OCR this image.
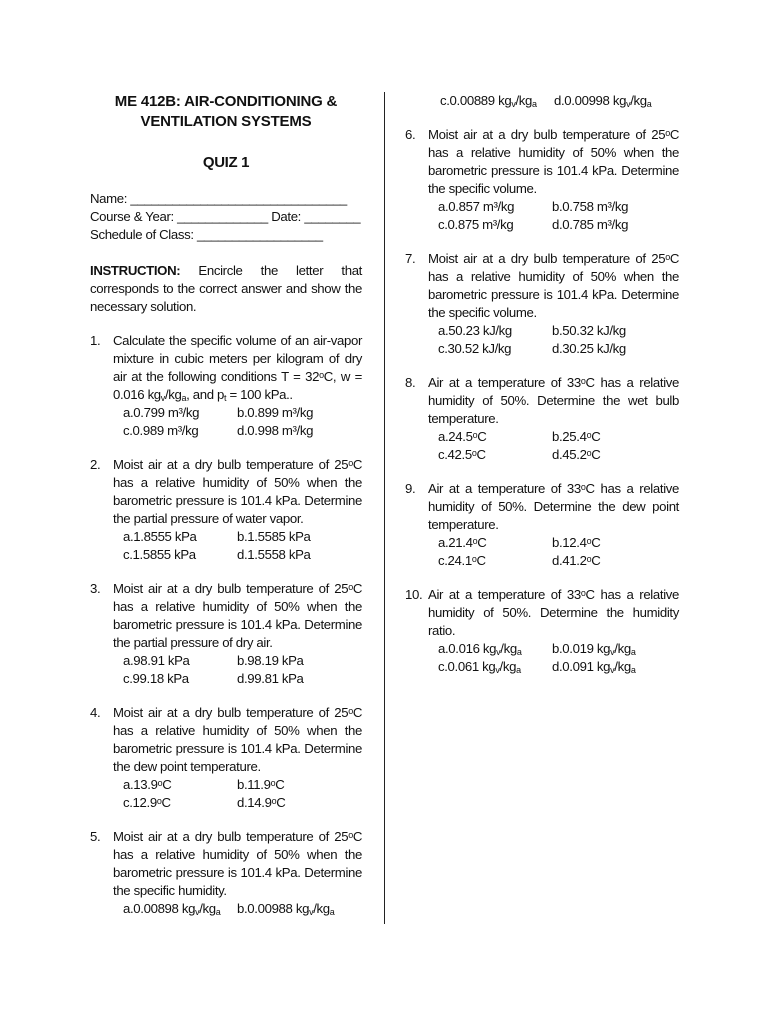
ME 412B: AIR-CONDITIONING &
VENTILATION SYSTEMS
QUIZ 1
Name: _______________________________
Course & Year: _____________ Date: ________
Schedule of Class: __________________
INSTRUCTION: Encircle the letter that corresponds to the correct answer and show the necessary solution.
1. Calculate the specific volume of an air-vapor mixture in cubic meters per kilogram of dry air at the following conditions T = 32ᵒC, w = 0.016 $kg_v/kg_a$, and $p_t = 100$ kPa..
a.0.799 m³/kg	b.0.899 m³/kg
c.0.989 m³/kg	d.0.998 m³/kg
2. Moist air at a dry bulb temperature of 25ᵒC has a relative humidity of 50% when the barometric pressure is 101.4 kPa. Determine the partial pressure of water vapor.
a.1.8555 kPa	b.1.5585 kPa
c.1.5855 kPa	d.1.5558 kPa
3. Moist air at a dry bulb temperature of 25ᵒC has a relative humidity of 50% when the barometric pressure is 101.4 kPa. Determine the partial pressure of dry air.
a.98.91 kPa	b.98.19 kPa
c.99.18 kPa	d.99.81 kPa
4. Moist air at a dry bulb temperature of 25ᵒC has a relative humidity of 50% when the barometric pressure is 101.4 kPa. Determine the dew point temperature.
a.13.9ᵒC	b.11.9ᵒC
c.12.9ᵒC	d.14.9ᵒC
5. Moist air at a dry bulb temperature of 25ᵒC has a relative humidity of 50% when the barometric pressure is 101.4 kPa. Determine the specific humidity.
a.0.00898 $kg_v/kg_a$	b.0.00988 $kg_v/kg_a$
c.0.00889 $kg_v/kg_a$	d.0.00998 $kg_v/kg_a$
6. Moist air at a dry bulb temperature of 25ᵒC has a relative humidity of 50% when the barometric pressure is 101.4 kPa. Determine the specific volume.
a.0.857 m³/kg	b.0.758 m³/kg
c.0.875 m³/kg	d.0.785 m³/kg
7. Moist air at a dry bulb temperature of 25ᵒC has a relative humidity of 50% when the barometric pressure is 101.4 kPa. Determine the specific volume.
a.50.23 kJ/kg	b.50.32 kJ/kg
c.30.52 kJ/kg	d.30.25 kJ/kg
8. Air at a temperature of 33ᵒC has a relative humidity of 50%. Determine the wet bulb temperature.
a.24.5ᵒC	b.25.4ᵒC
c.42.5ᵒC	d.45.2ᵒC
9. Air at a temperature of 33ᵒC has a relative humidity of 50%. Determine the dew point temperature.
a.21.4ᵒC	b.12.4ᵒC
c.24.1ᵒC	d.41.2ᵒC
10. Air at a temperature of 33ᵒC has a relative humidity of 50%. Determine the humidity ratio.
a.0.016 $kg_v/kg_a$	b.0.019 $kg_v/kg_a$
c.0.061 $kg_v/kg_a$	d.0.091 $kg_v/kg_a$
